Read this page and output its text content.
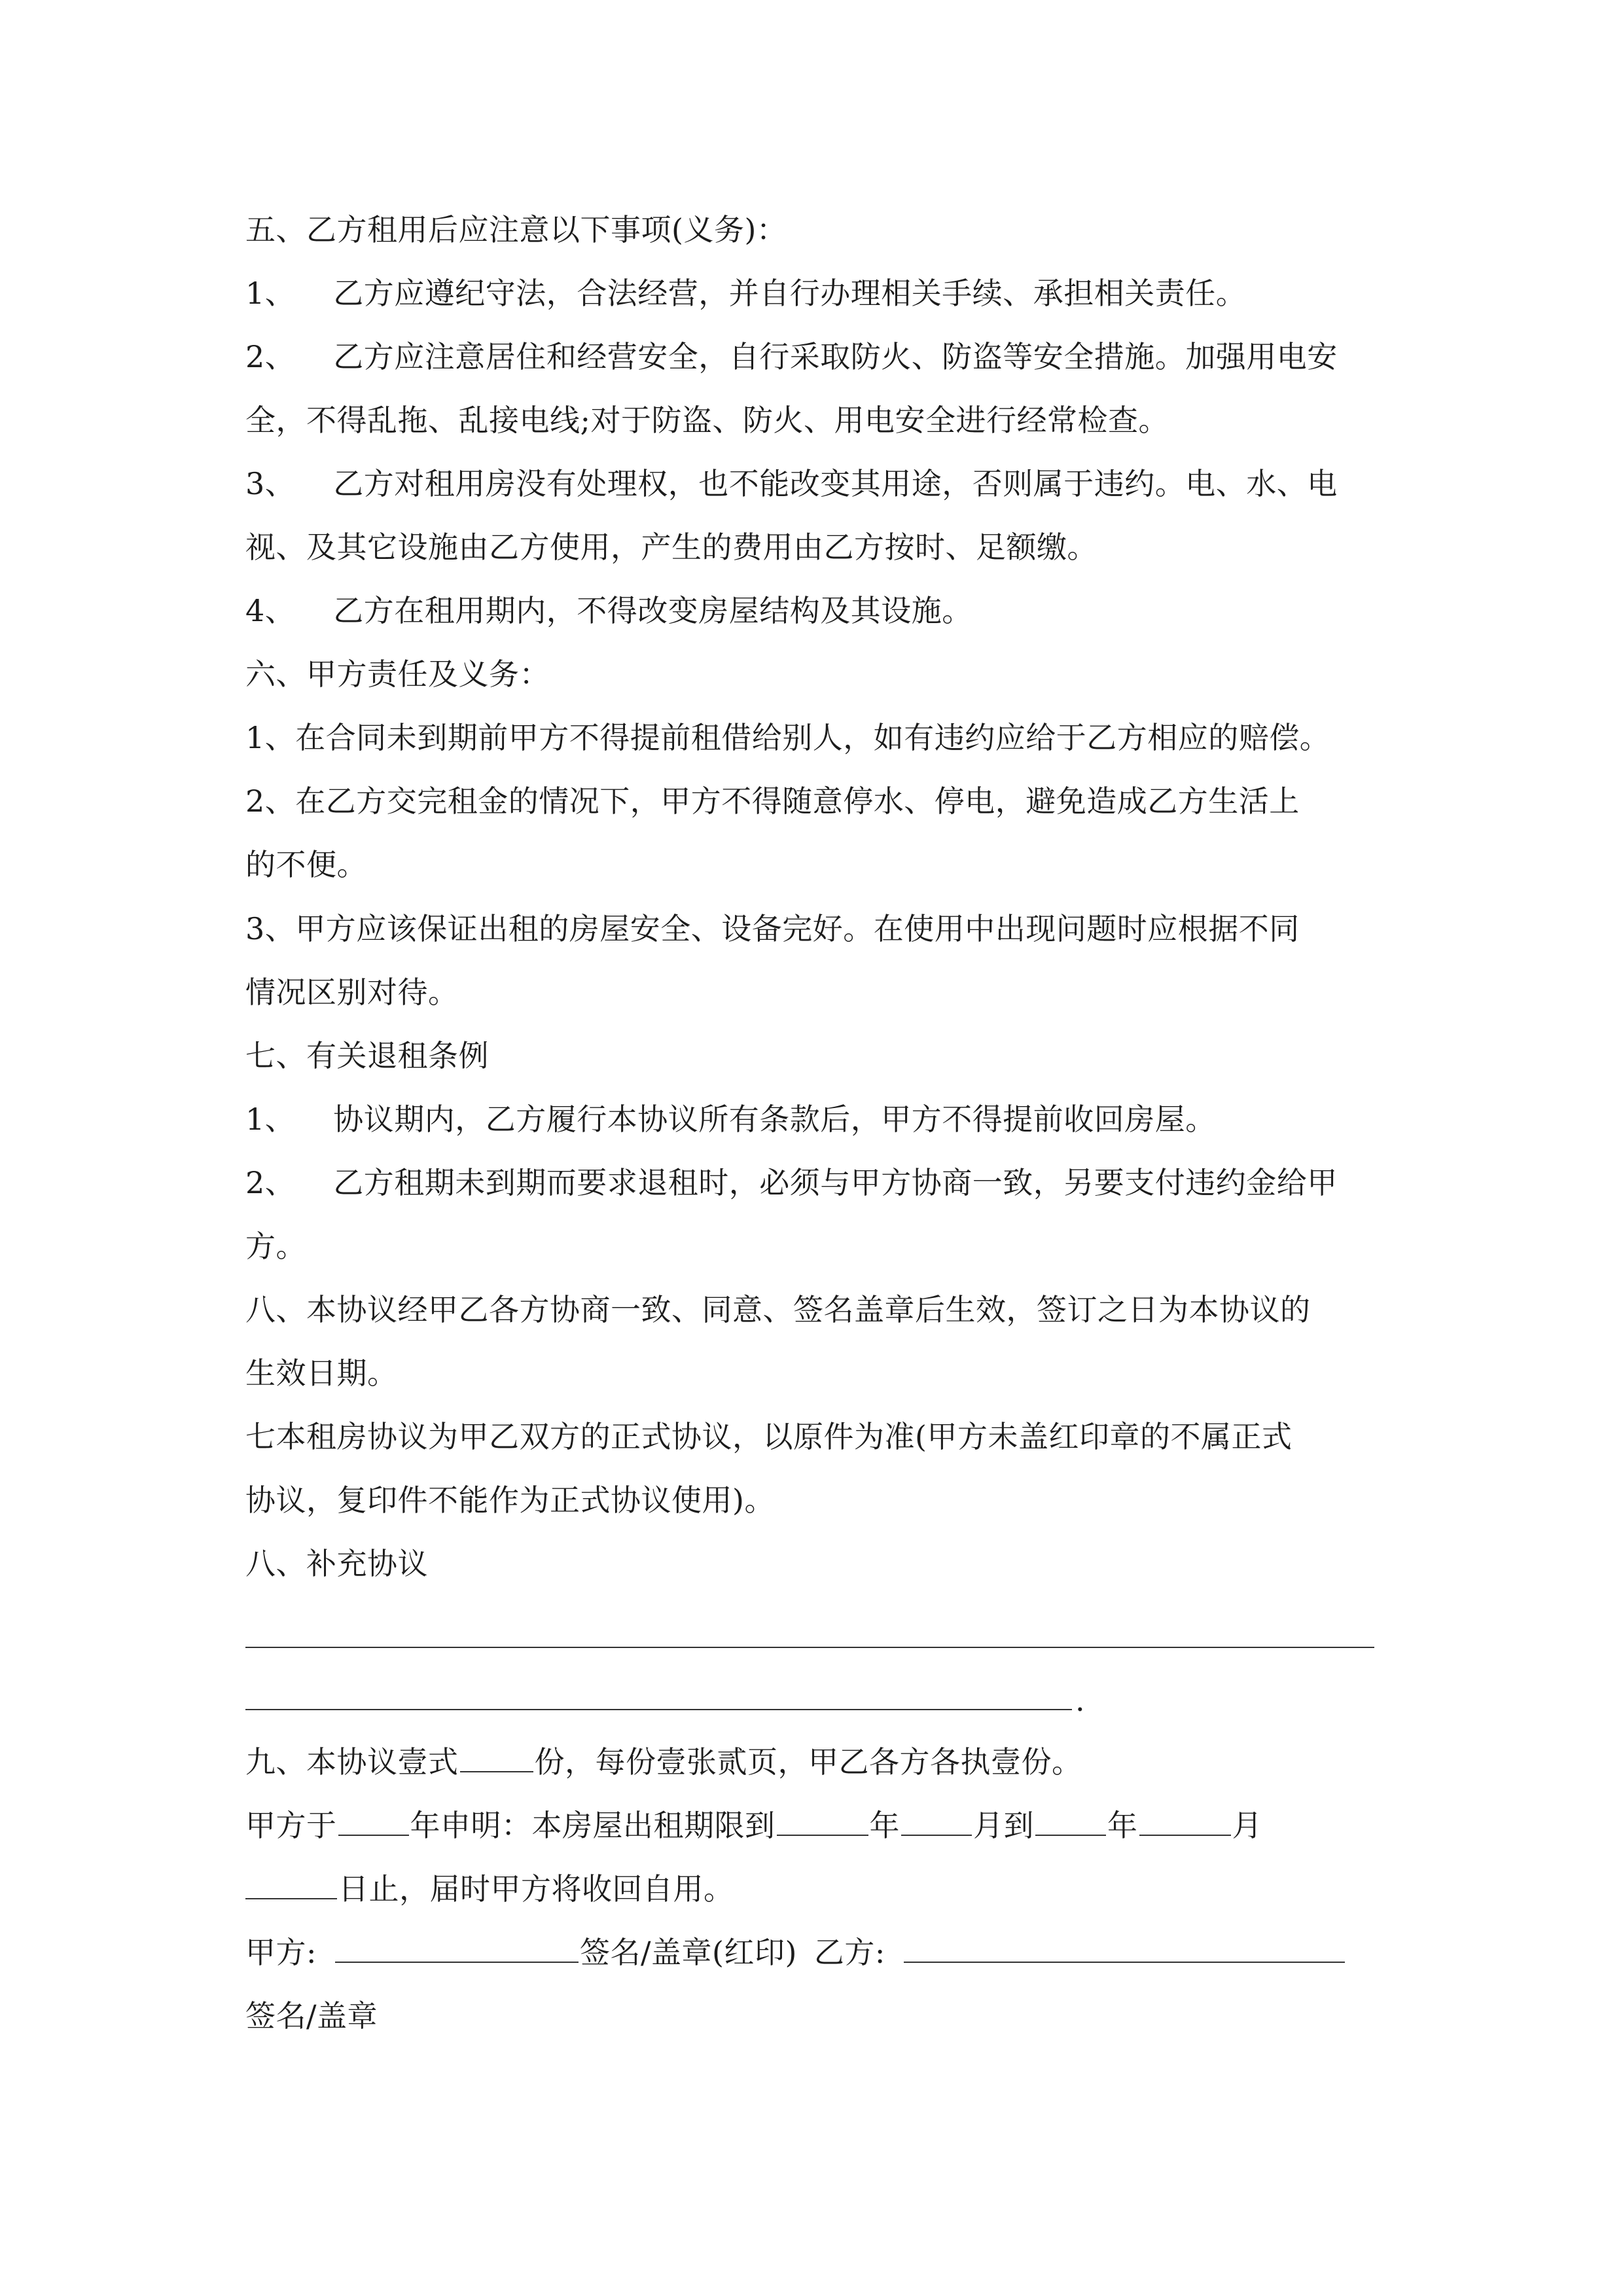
五、乙方租用后应注意以下事项(义务)：
1、 乙方应遵纪守法，合法经营，并自行办理相关手续、承担相关责任。
2、 乙方应注意居住和经营安全，自行采取防火、防盗等安全措施。加强用电安
全，不得乱拖、乱接电线;对于防盗、防火、用电安全进行经常检查。
3、 乙方对租用房没有处理权，也不能改变其用途，否则属于违约。电、水、电
视、及其它设施由乙方使用，产生的费用由乙方按时、足额缴。
4、 乙方在租用期内，不得改变房屋结构及其设施。
六、甲方责任及义务：
1、在合同未到期前甲方不得提前租借给别人，如有违约应给于乙方相应的赔偿。
2、在乙方交完租金的情况下，甲方不得随意停水、停电，避免造成乙方生活上
的不便。
3、甲方应该保证出租的房屋安全、设备完好。在使用中出现问题时应根据不同
情况区别对待。
七、有关退租条例
1、 协议期内，乙方履行本协议所有条款后，甲方不得提前收回房屋。
2、 乙方租期未到期而要求退租时，必须与甲方协商一致，另要支付违约金给甲
方。
八、本协议经甲乙各方协商一致、同意、签名盖章后生效，签订之日为本协议的
生效日期。
七本租房协议为甲乙双方的正式协议，以原件为准(甲方未盖红印章的不属正式
协议，复印件不能作为正式协议使用)。
八、补充协议
.
九、本协议壹式	份，每份壹张贰页，甲乙各方各执壹份。
甲方于 年申明：本房屋出租期限到	年 月到 年	月
日止，届时甲方将收回自用。
甲方:	签名/盖章(红印) 乙方:
签名/盖章
